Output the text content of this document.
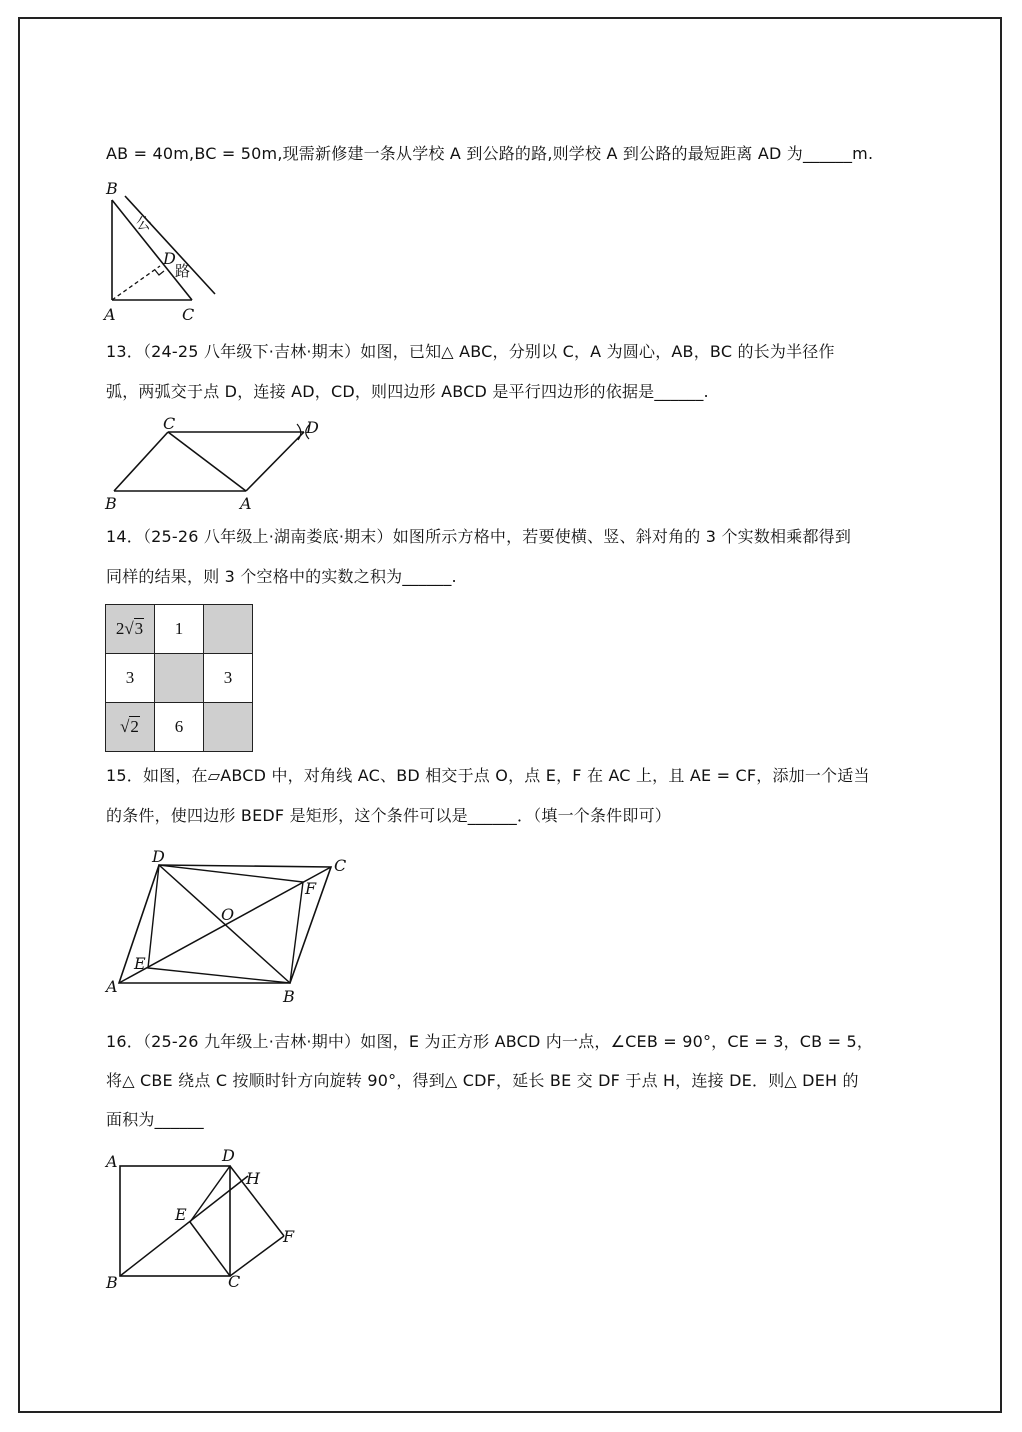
AB = 40m,BC = 50m,现需新修建一条从学校 A 到公路的路,则学校 A 到公路的最短距离 AD 为______m.
B
A	C
D
公
路
13．（24-25 八年级下·吉林·期末）如图，已知△ ABC，分别以 C，A 为圆心，AB，BC 的长为半径作
弧，两弧交于点 D，连接 AD，CD，则四边形 ABCD 是平行四边形的依据是______.
C	D
B	A
14．（25-26 八年级上·湖南娄底·期末）如图所示方格中，若要使横、竖、斜对角的 3 个实数相乘都得到
同样的结果，则 3 个空格中的实数之积为______.
2√3	1	
3		3
√2	6	
15．如图，在▱ABCD 中，对角线 AC、BD 相交于点 O，点 E，F 在 AC 上，且 AE = CF，添加一个适当
的条件，使四边形 BEDF 是矩形，这个条件可以是______．（填一个条件即可）
D	C
F
O
E
A
B
16．（25-26 九年级上·吉林·期中）如图，E 为正方形 ABCD 内一点，∠CEB = 90°，CE = 3，CB = 5，
将△ CBE 绕点 C 按顺时针方向旋转 90°，得到△ CDF，延长 BE 交 DF 于点 H，连接 DE．则△ DEH 的
面积为______
A	D
H
E
F
B	C
